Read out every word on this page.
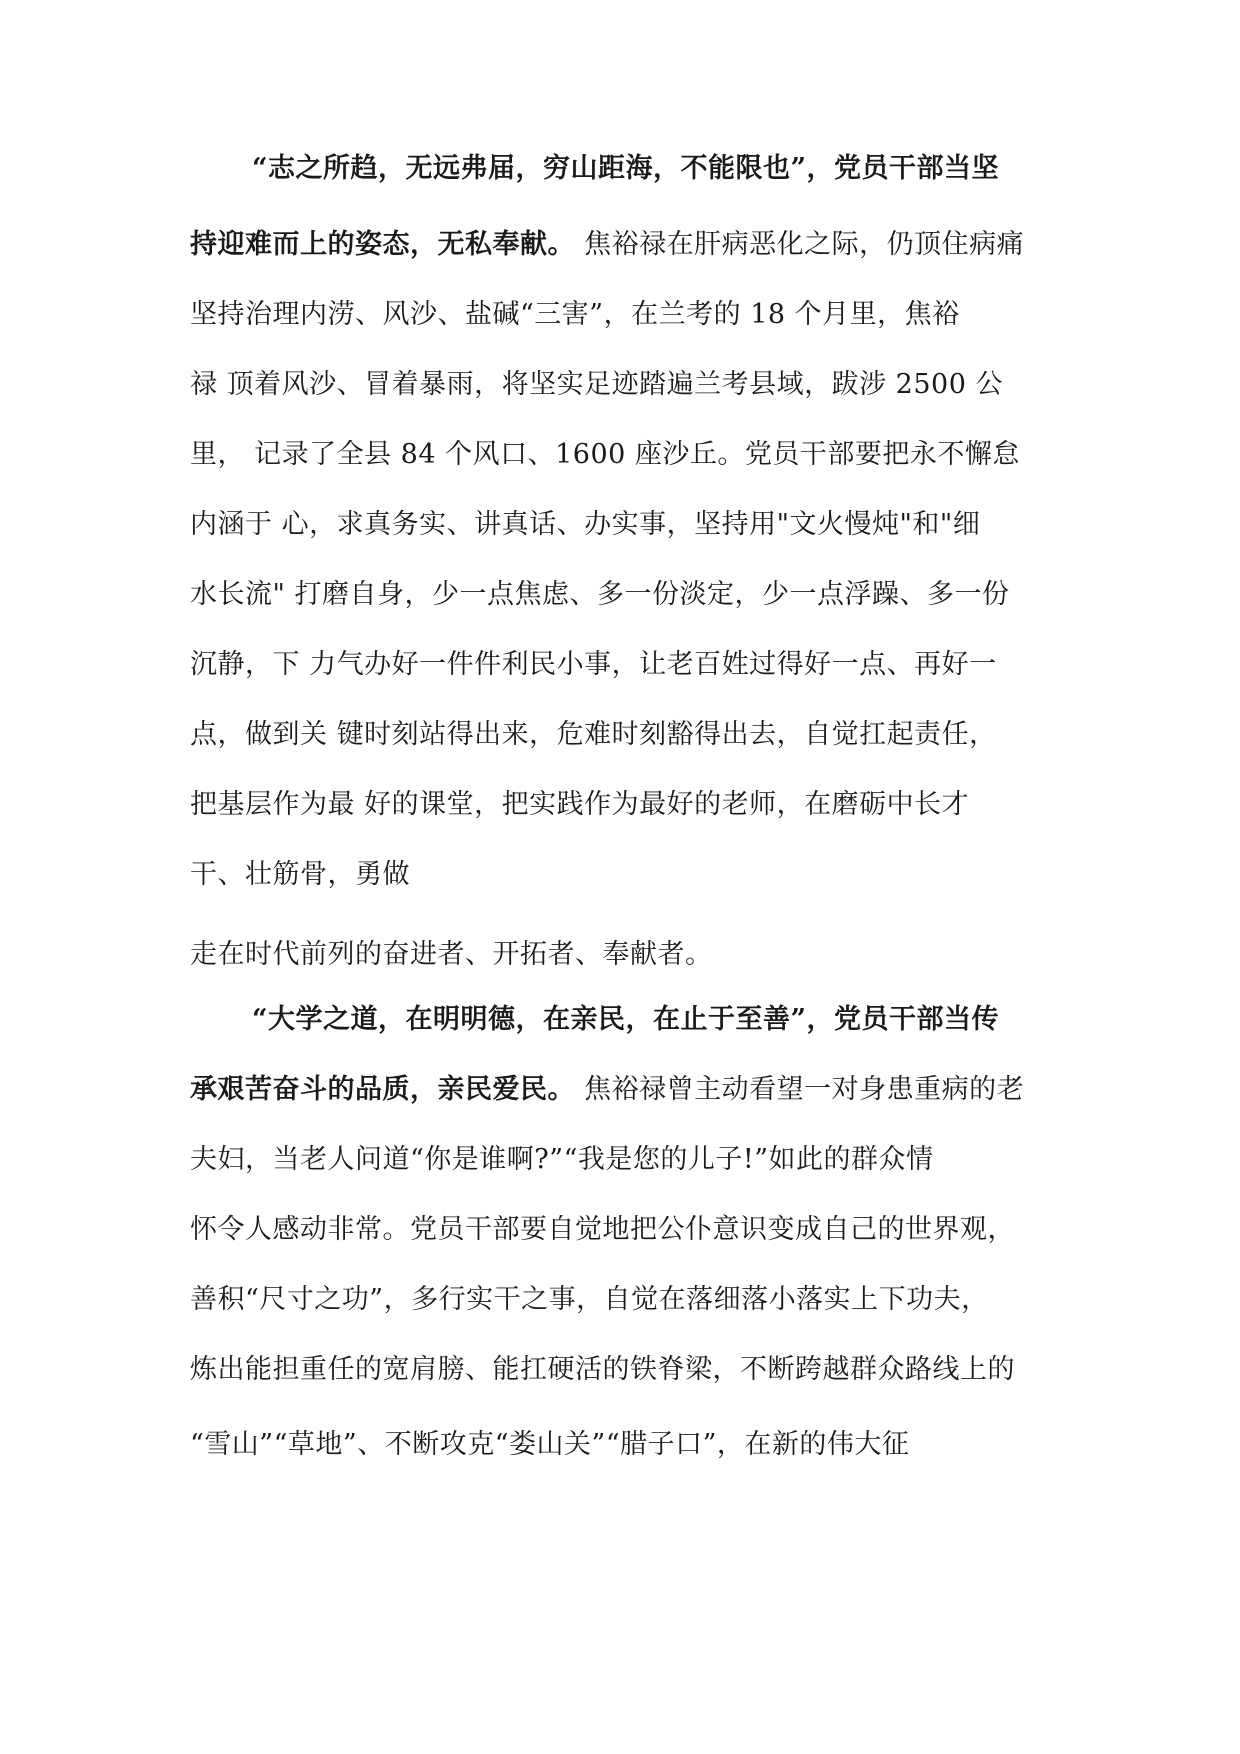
“志之所趋，无远弗届，穷山距海，不能限也”，党员干部当坚
持迎难而上的姿态，无私奉献。 焦裕禄在肝病恶化之际，仍顶住病痛
坚持治理内涝、风沙、盐碱“三害”，在兰考的 18 个月里，焦裕
禄 顶着风沙、冒着暴雨，将坚实足迹踏遍兰考县域，跋涉 2500 公
里， 记录了全县 84 个风口、1600 座沙丘。党员干部要把永不懈怠
内涵于 心，求真务实、讲真话、办实事，坚持用"文火慢炖"和"细
水长流" 打磨自身，少一点焦虑、多一份淡定，少一点浮躁、多一份
沉静，下 力气办好一件件利民小事，让老百姓过得好一点、再好一
点，做到关 键时刻站得出来，危难时刻豁得出去，自觉扛起责任，
把基层作为最 好的课堂，把实践作为最好的老师，在磨砺中长才
干、壮筋骨，勇做
走在时代前列的奋进者、开拓者、奉献者。
“大学之道，在明明德，在亲民，在止于至善”，党员干部当传
承艰苦奋斗的品质，亲民爱民。 焦裕禄曾主动看望一对身患重病的老
夫妇，当老人问道“你是谁啊?”“我是您的儿子!”如此的群众情
怀令人感动非常。党员干部要自觉地把公仆意识变成自己的世界观，
善积“尺寸之功”，多行实干之事，自觉在落细落小落实上下功夫，
炼出能担重任的宽肩膀、能扛硬活的铁脊梁，不断跨越群众路线上的
“雪山”“草地”、不断攻克“娄山关”“腊子口”，在新的伟大征
